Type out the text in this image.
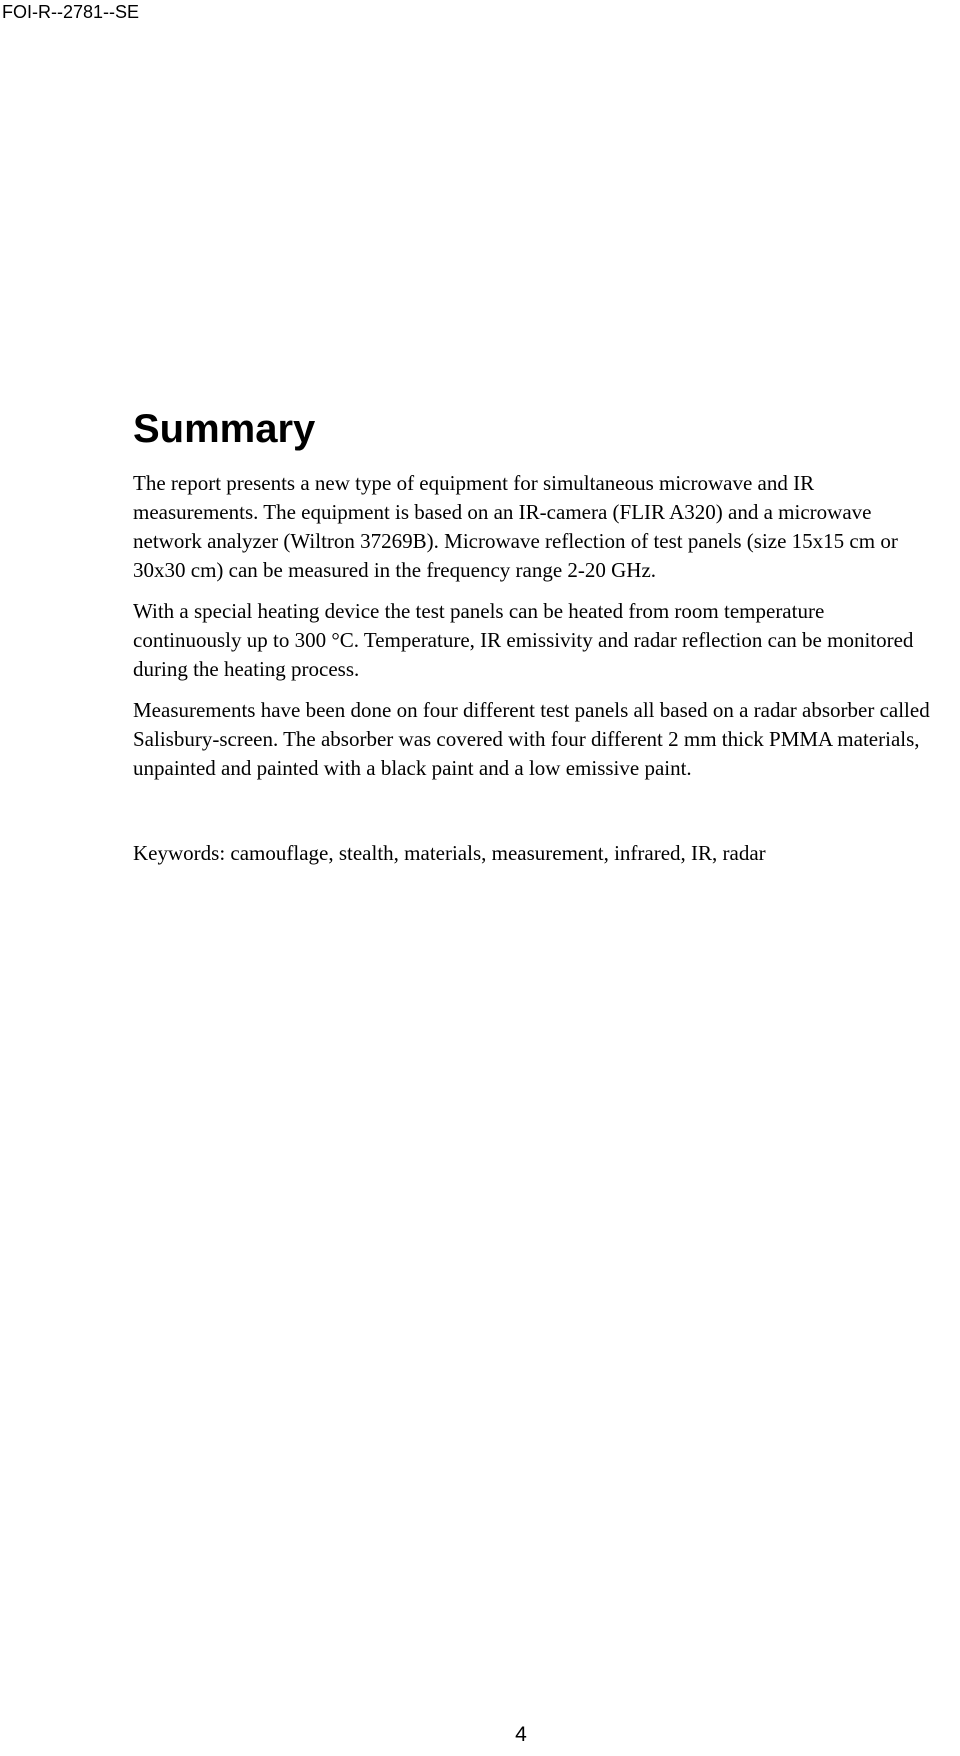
FOI-R--2781--SE
Summary

The report presents a new type of equipment for simultaneous microwave and IR measurements. The equipment is based on an IR-camera (FLIR A320) and a microwave network analyzer (Wiltron 37269B). Microwave reflection of test panels (size 15x15 cm or 30x30 cm) can be measured in the frequency range 2-20 GHz.

With a special heating device the test panels can be heated from room temperature continuously up to 300 °C. Temperature, IR emissivity and radar reflection can be monitored during the heating process.

Measurements have been done on four different test panels all based on a radar absorber called Salisbury-screen. The absorber was covered with four different 2 mm thick PMMA materials, unpainted and painted with a black paint and a low emissive paint.

Keywords: camouflage, stealth, materials, measurement, infrared, IR, radar

4
